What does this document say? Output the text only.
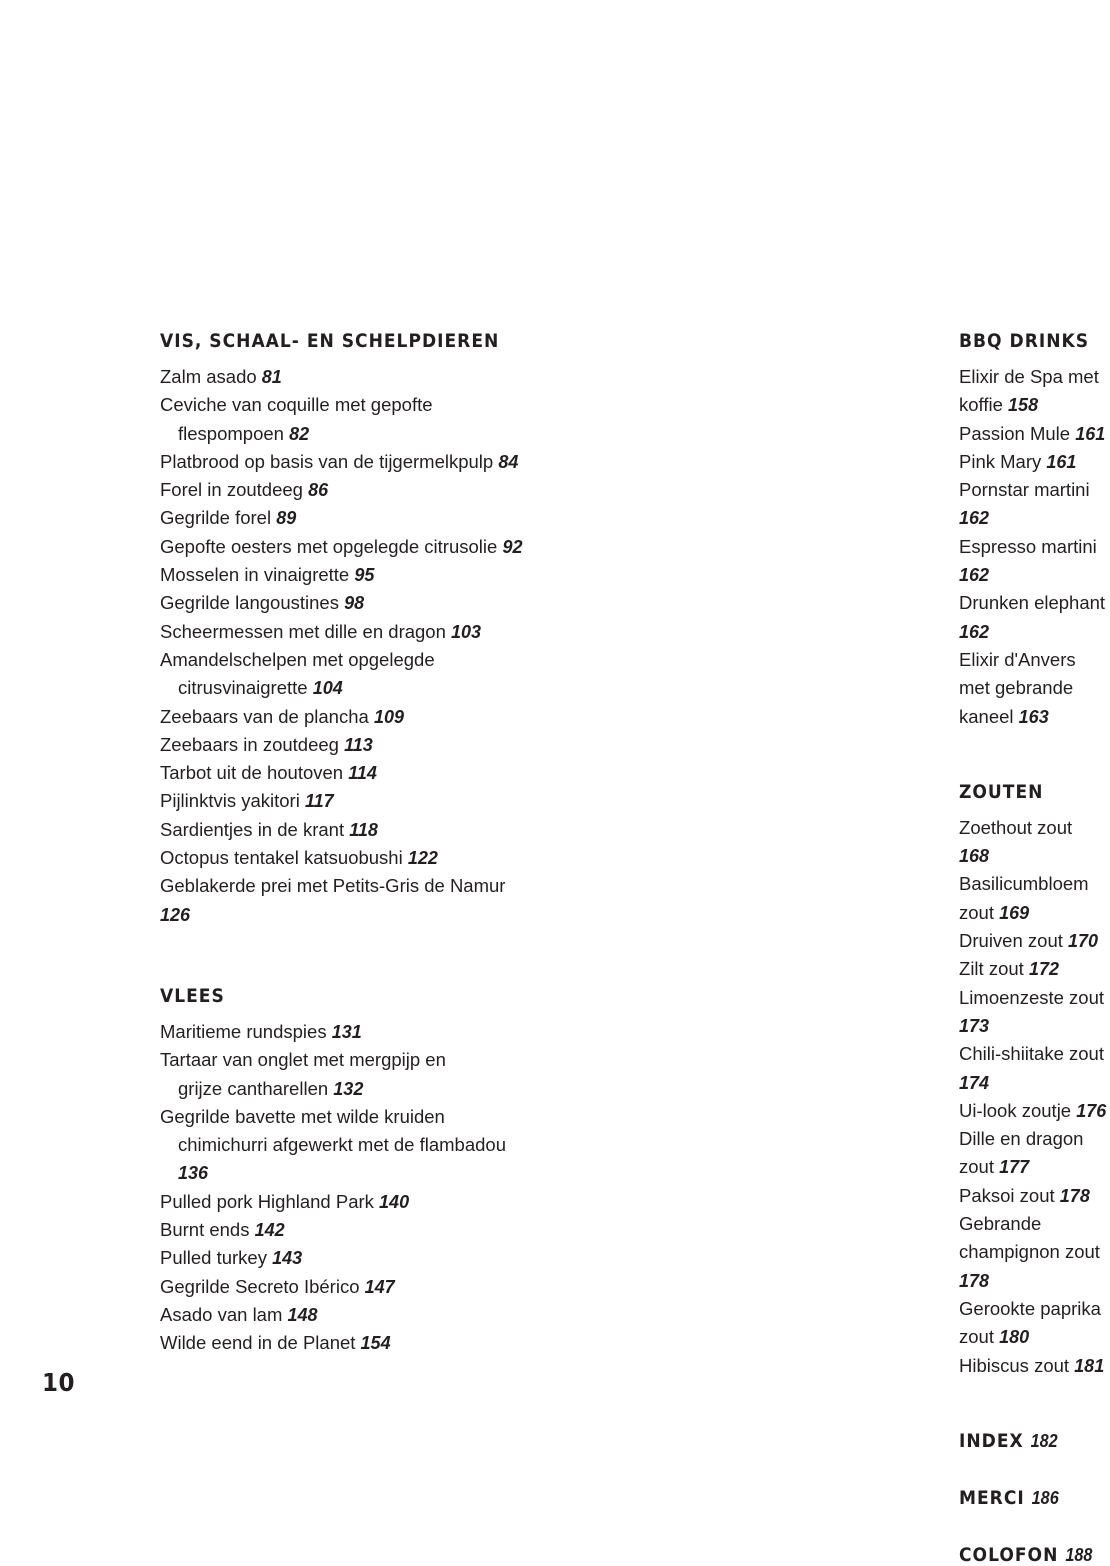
VIS, SCHAAL- EN SCHELPDIEREN

Zalm asado 81

Ceviche van coquille met gepofte
flespompoen 82

Platbrood op basis van de tijgermelkpulp 84

Forel in zoutdeeg 86

Gegrilde forel 89

Gepofte oesters met opgelegde citrusolie 92

Mosselen in vinaigrette 95

Gegrilde langoustines 98

Scheermessen met dille en dragon 103

Amandelschelpen met opgelegde
citrusvinaigrette 104

Zeebaars van de plancha 109

Zeebaars in zoutdeeg 113

Tarbot uit de houtoven 114

Pijlinktvis yakitori 117

Sardientjes in de krant 118

Octopus tentakel katsuobushi 122

Geblakerde prei met Petits-Gris de Namur 126

VLEES

Maritieme rundspies 131

Tartaar van onglet met mergpijp en
grijze cantharellen 132

Gegrilde bavette met wilde kruiden
chimichurri afgewerkt met de flambadou 136

Pulled pork Highland Park 140

Burnt ends 142

Pulled turkey 143

Gegrilde Secreto Ibérico 147

Asado van lam 148

Wilde eend in de Planet 154

BBQ DRINKS

Elixir de Spa met koffie 158

Passion Mule 161

Pink Mary 161

Pornstar martini 162

Espresso martini 162

Drunken elephant 162

Elixir d'Anvers met gebrande kaneel 163

ZOUTEN

Zoethout zout 168

Basilicumbloem zout 169

Druiven zout 170

Zilt zout 172

Limoenzeste zout 173

Chili-shiitake zout 174

Ui-look zoutje 176

Dille en dragon zout 177

Paksoi zout 178

Gebrande champignon zout 178

Gerookte paprika zout 180

Hibiscus zout 181

INDEX 182
MERCI 186
COLOFON 188
10
